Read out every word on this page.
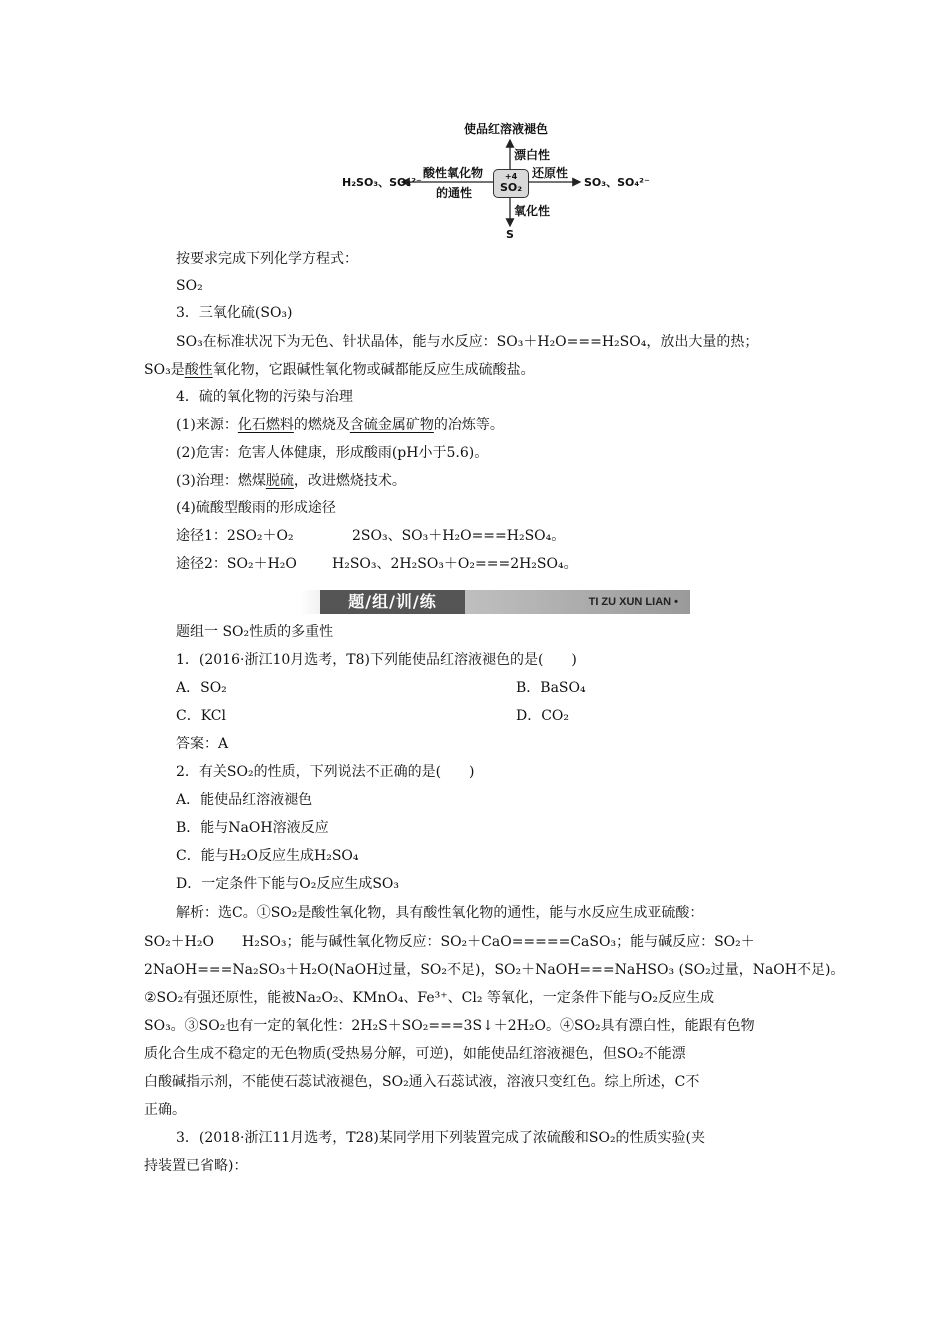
使品红溶液褪色
漂白性
酸性氧化物
的通性
还原性
氧化性
H₂SO₃、SO₃²⁻	SO₃、SO₄²⁻
S
+4
SO₂
按要求完成下列化学方程式：
SO₂
3．三氧化硫(SO₃)
SO₃在标准状况下为无色、针状晶体，能与水反应：SO₃＋H₂O===H₂SO₄，放出大量的热；
SO₃是酸性氧化物，它跟碱性氧化物或碱都能反应生成硫酸盐。
4．硫的氧化物的污染与治理
(1)来源：化石燃料的燃烧及含硫金属矿物的冶炼等。
(2)危害：危害人体健康，形成酸雨(pH小于5.6)。
(3)治理：燃煤脱硫，改进燃烧技术。
(4)硫酸型酸雨的形成途径
途径1：2SO₂＋O₂	2SO₃、SO₃＋H₂O===H₂SO₄。
途径2：SO₂＋H₂O	H₂SO₃、2H₂SO₃＋O₂===2H₂SO₄。
题/组/训/练	TI ZU XUN LIAN •
题组一 SO₂性质的多重性
1．(2016·浙江10月选考，T8)下列能使品红溶液褪色的是(　　)
A．SO₂	B．BaSO₄
C．KCl	D．CO₂
答案：A
2．有关SO₂的性质，下列说法不正确的是(　　)
A．能使品红溶液褪色
B．能与NaOH溶液反应
C．能与H₂O反应生成H₂SO₄
D．一定条件下能与O₂反应生成SO₃
解析：选C。①SO₂是酸性氧化物，具有酸性氧化物的通性，能与水反应生成亚硫酸：
SO₂＋H₂O　　H₂SO₃；能与碱性氧化物反应：SO₂＋CaO=====CaSO₃；能与碱反应：SO₂＋
2NaOH===Na₂SO₃＋H₂O(NaOH过量，SO₂不足)，SO₂＋NaOH===NaHSO₃ (SO₂过量，NaOH不足)。
②SO₂有强还原性，能被Na₂O₂、KMnO₄、Fe³⁺、Cl₂ 等氧化，一定条件下能与O₂反应生成
SO₃。③SO₂也有一定的氧化性：2H₂S＋SO₂===3S↓＋2H₂O。④SO₂具有漂白性，能跟有色物
质化合生成不稳定的无色物质(受热易分解，可逆)，如能使品红溶液褪色，但SO₂不能漂
白酸碱指示剂，不能使石蕊试液褪色，SO₂通入石蕊试液，溶液只变红色。综上所述，C不
正确。
3．(2018·浙江11月选考，T28)某同学用下列装置完成了浓硫酸和SO₂的性质实验(夹
持装置已省略)：
